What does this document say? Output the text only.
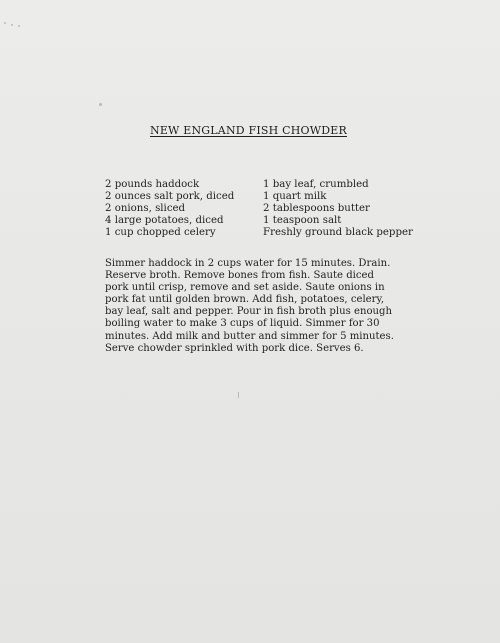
NEW ENGLAND FISH CHOWDER
2 pounds haddock
2 ounces salt pork, diced
2 onions, sliced
4 large potatoes, diced
1 cup chopped celery
1 bay leaf, crumbled
1 quart milk
2 tablespoons butter
1 teaspoon salt
Freshly ground black pepper
Simmer haddock in 2 cups water for 15 minutes. Drain.
Reserve broth. Remove bones from fish. Saute diced
pork until crisp, remove and set aside. Saute onions in
pork fat until golden brown. Add fish, potatoes, celery,
bay leaf, salt and pepper. Pour in fish broth plus enough
boiling water to make 3 cups of liquid. Simmer for 30
minutes. Add milk and butter and simmer for 5 minutes.
Serve chowder sprinkled with pork dice. Serves 6.
